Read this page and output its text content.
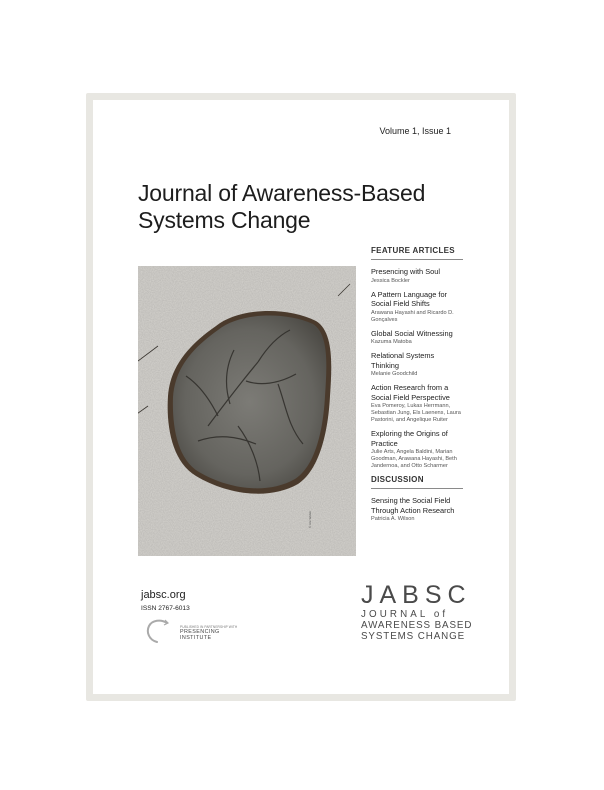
Volume 1, Issue 1
Journal of Awareness-Based
Systems Change
© Ute Weber
FEATURE ARTICLES
Presencing with Soul
Jessica Bockler
A Pattern Language for Social Field Shifts
Arawana Hayashi and Ricardo D. Gonçalves
Global Social Witnessing
Kazuma Matoba
Relational Systems Thinking
Melanie Goodchild
Action Research from a Social Field Perspective
Eva Pomeroy, Lukas Herrmann, Sebastian Jung, Els Laenens, Laura Pastorini, and Angelique Ruiter
Exploring the Origins of Practice
Julie Arts, Angela Baldini, Marian Goodman, Arawana Hayashi, Beth Jandernoa, and Otto Scharmer
DISCUSSION
Sensing the Social Field Through Action Research
Patricia A. Wilson
jabsc.org
ISSN 2767-6013
PUBLISHED IN PARTNERSHIP WITH
PRESENCING
INSTITUTE
JABSC
JOURNAL of
AWARENESS BASED
SYSTEMS CHANGE
